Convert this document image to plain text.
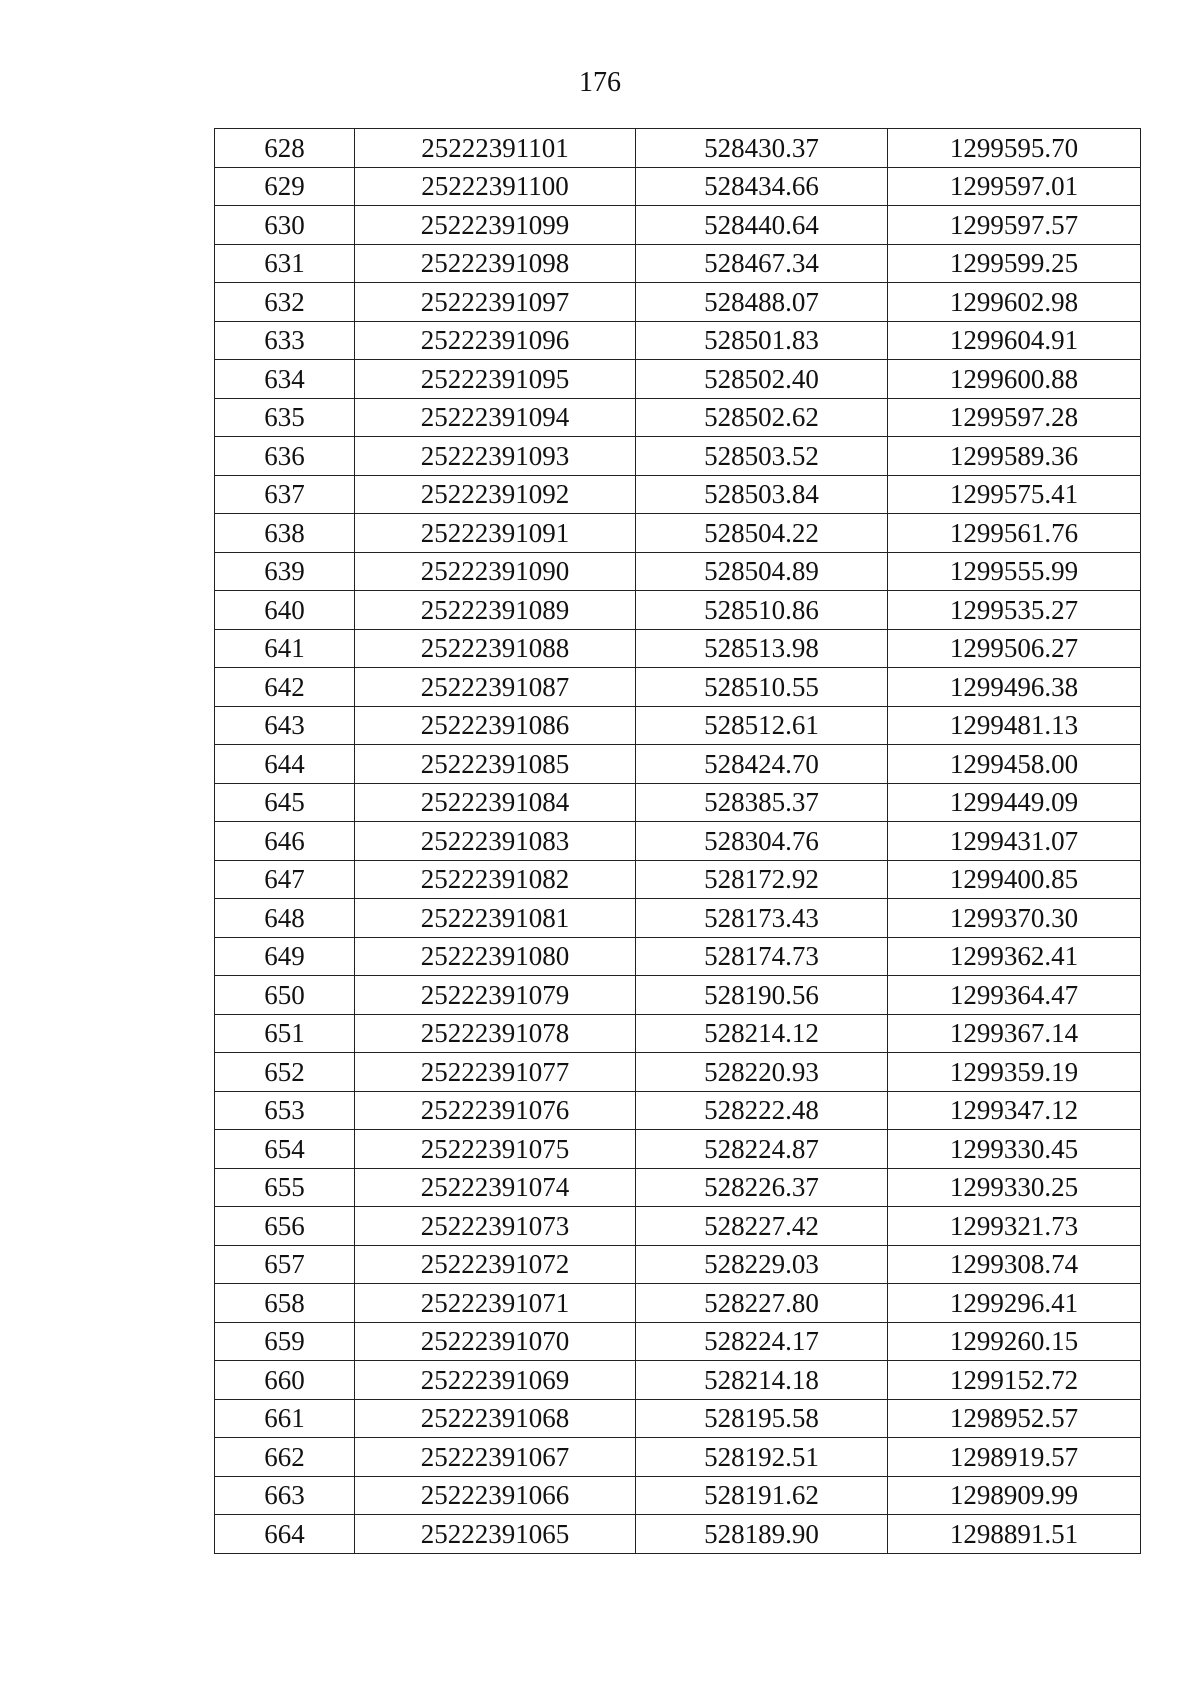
176
628	25222391101	528430.37	1299595.70
629	25222391100	528434.66	1299597.01
630	25222391099	528440.64	1299597.57
631	25222391098	528467.34	1299599.25
632	25222391097	528488.07	1299602.98
633	25222391096	528501.83	1299604.91
634	25222391095	528502.40	1299600.88
635	25222391094	528502.62	1299597.28
636	25222391093	528503.52	1299589.36
637	25222391092	528503.84	1299575.41
638	25222391091	528504.22	1299561.76
639	25222391090	528504.89	1299555.99
640	25222391089	528510.86	1299535.27
641	25222391088	528513.98	1299506.27
642	25222391087	528510.55	1299496.38
643	25222391086	528512.61	1299481.13
644	25222391085	528424.70	1299458.00
645	25222391084	528385.37	1299449.09
646	25222391083	528304.76	1299431.07
647	25222391082	528172.92	1299400.85
648	25222391081	528173.43	1299370.30
649	25222391080	528174.73	1299362.41
650	25222391079	528190.56	1299364.47
651	25222391078	528214.12	1299367.14
652	25222391077	528220.93	1299359.19
653	25222391076	528222.48	1299347.12
654	25222391075	528224.87	1299330.45
655	25222391074	528226.37	1299330.25
656	25222391073	528227.42	1299321.73
657	25222391072	528229.03	1299308.74
658	25222391071	528227.80	1299296.41
659	25222391070	528224.17	1299260.15
660	25222391069	528214.18	1299152.72
661	25222391068	528195.58	1298952.57
662	25222391067	528192.51	1298919.57
663	25222391066	528191.62	1298909.99
664	25222391065	528189.90	1298891.51
